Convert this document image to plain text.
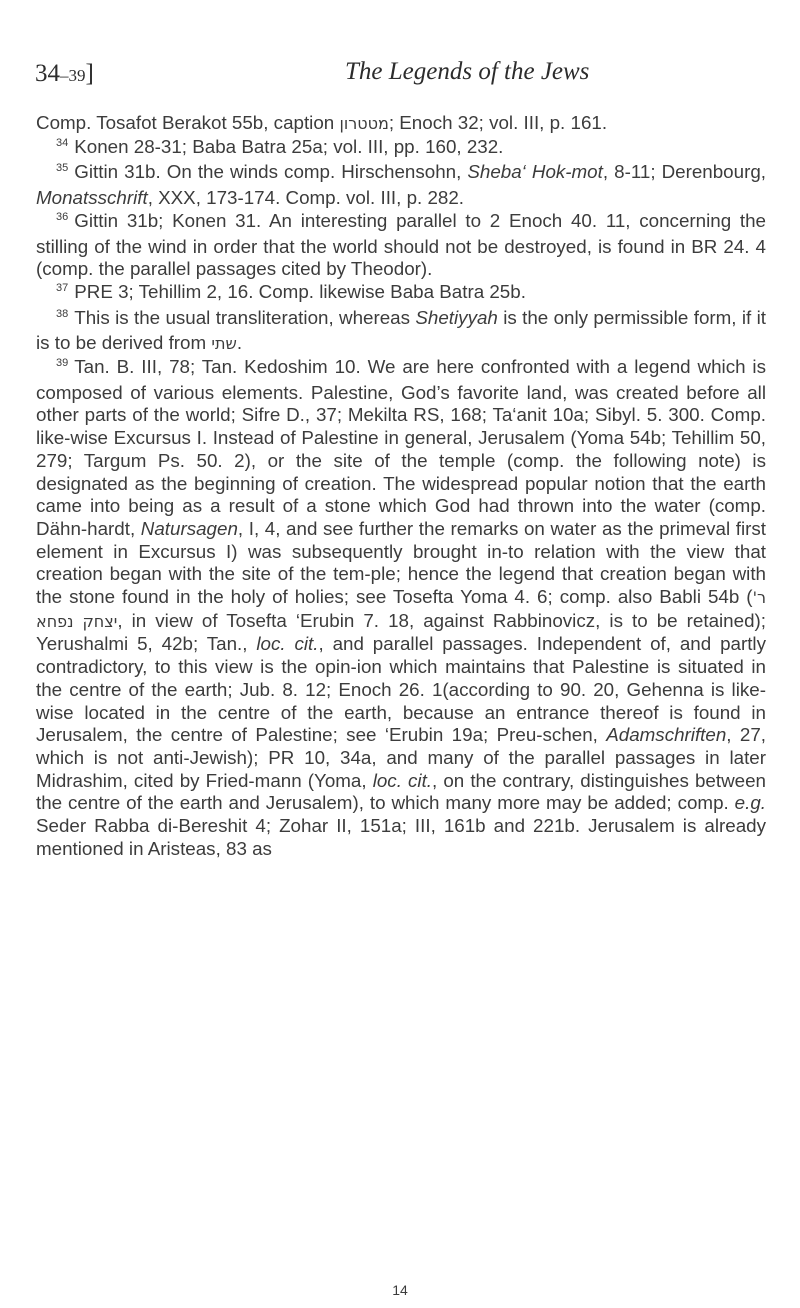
34–39]	The Legends of the Jews

Comp. Tosafot Berakot 55b, caption מטטרון; Enoch 32; vol. III, p. 161.

$^{34}$ Konen 28-31; Baba Batra 25a; vol. III, pp. 160, 232.

$^{35}$ Gittin 31b. On the winds comp. Hirschensohn, Sheba‘ Hok-mot, 8-11; Derenbourg, Monatsschrift, XXX, 173-174. Comp. vol. III, p. 282.

$^{36}$ Gittin 31b; Konen 31. An interesting parallel to 2 Enoch 40. 11, concerning the stilling of the wind in order that the world should not be destroyed, is found in BR 24. 4 (comp. the parallel passages cited by Theodor).

$^{37}$ PRE 3; Tehillim 2, 16. Comp. likewise Baba Batra 25b.

$^{38}$ This is the usual transliteration, whereas Shetiyyah is the only permissible form, if it is to be derived from שתי.

$^{39}$ Tan. B. III, 78; Tan. Kedoshim 10. We are here confronted with a legend which is composed of various elements. Palestine, God’s favorite land, was created before all other parts of the world; Sifre D., 37; Mekilta RS, 168; Ta‘anit 10a; Sibyl. 5. 300. Comp. like-wise Excursus I. Instead of Palestine in general, Jerusalem (Yoma 54b; Tehillim 50, 279; Targum Ps. 50. 2), or the site of the temple (comp. the following note) is designated as the beginning of creation. The widespread popular notion that the earth came into being as a result of a stone which God had thrown into the water (comp. Dähn-hardt, Natursagen, I, 4, and see further the remarks on water as the primeval first element in Excursus I) was subsequently brought in-to relation with the view that creation began with the site of the tem-ple; hence the legend that creation began with the stone found in the holy of holies; see Tosefta Yoma 4. 6; comp. also Babli 54b (ר' יצחק נפחא, in view of Tosefta ‘Erubin 7. 18, against Rabbinovicz, is to be retained); Yerushalmi 5, 42b; Tan., loc. cit., and parallel passages. Independent of, and partly contradictory, to this view is the opin-ion which maintains that Palestine is situated in the centre of the earth; Jub. 8. 12; Enoch 26. 1(according to 90. 20, Gehenna is like-wise located in the centre of the earth, because an entrance thereof is found in Jerusalem, the centre of Palestine; see ‘Erubin 19a; Preu-schen, Adamschriften, 27, which is not anti-Jewish); PR 10, 34a, and many of the parallel passages in later Midrashim, cited by Fried-mann (Yoma, loc. cit., on the contrary, distinguishes between the centre of the earth and Jerusalem), to which many more may be added; comp. e.g. Seder Rabba di-Bereshit 4; Zohar II, 151a; III, 161b and 221b. Jerusalem is already mentioned in Aristeas, 83 as

14
